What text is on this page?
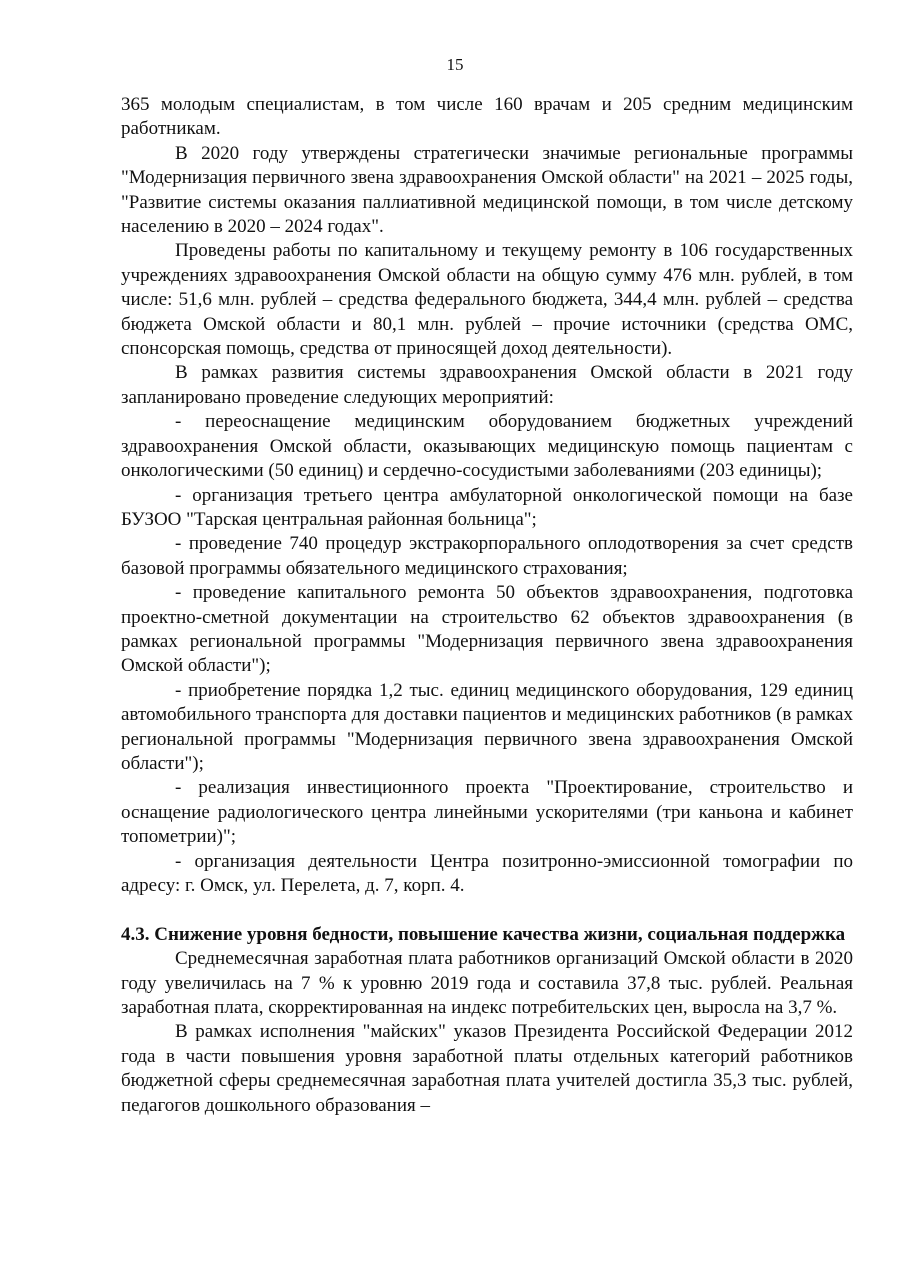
15

365 молодым специалистам, в том числе 160 врачам и 205 средним медицинским работникам.

В 2020 году утверждены стратегически значимые региональные программы "Модернизация первичного звена здравоохранения Омской области" на 2021 – 2025 годы, "Развитие системы оказания паллиативной медицинской помощи, в том числе детскому населению в 2020 – 2024 годах".

Проведены работы по капитальному и текущему ремонту в 106 государственных учреждениях здравоохранения Омской области на общую сумму 476 млн. рублей, в том числе: 51,6 млн. рублей – средства федерального бюджета, 344,4 млн. рублей – средства бюджета Омской области и 80,1 млн. рублей – прочие источники (средства ОМС, спонсорская помощь, средства от приносящей доход деятельности).

В рамках развития системы здравоохранения Омской области в 2021 году запланировано проведение следующих мероприятий:

- переоснащение медицинским оборудованием бюджетных учреждений здравоохранения Омской области, оказывающих медицинскую помощь пациентам с онкологическими (50 единиц) и сердечно-сосудистыми заболеваниями (203 единицы);

- организация третьего центра амбулаторной онкологической помощи на базе БУЗОО "Тарская центральная районная больница";

- проведение 740 процедур экстракорпорального оплодотворения за счет средств базовой программы обязательного медицинского страхования;

- проведение капитального ремонта 50 объектов здравоохранения, подготовка проектно-сметной документации на строительство 62 объектов здравоохранения (в рамках региональной программы "Модернизация первичного звена здравоохранения Омской области");

- приобретение порядка 1,2 тыс. единиц медицинского оборудования, 129 единиц автомобильного транспорта для доставки пациентов и медицинских работников (в рамках региональной программы "Модернизация первичного звена здравоохранения Омской области");

- реализация инвестиционного проекта "Проектирование, строительство и оснащение радиологического центра линейными ускорителями (три каньона и кабинет топометрии)";

- организация деятельности Центра позитронно-эмиссионной томографии по адресу: г. Омск, ул. Перелета, д. 7, корп. 4.

4.3. Снижение уровня бедности, повышение качества жизни, социальная поддержка

Среднемесячная заработная плата работников организаций Омской области в 2020 году увеличилась на 7 % к уровню 2019 года и составила 37,8 тыс. рублей. Реальная заработная плата, скорректированная на индекс потребительских цен, выросла на 3,7 %.

В рамках исполнения "майских" указов Президента Российской Федерации 2012 года в части повышения уровня заработной платы отдельных категорий работников бюджетной сферы среднемесячная заработная плата учителей достигла 35,3 тыс. рублей, педагогов дошкольного образования –
